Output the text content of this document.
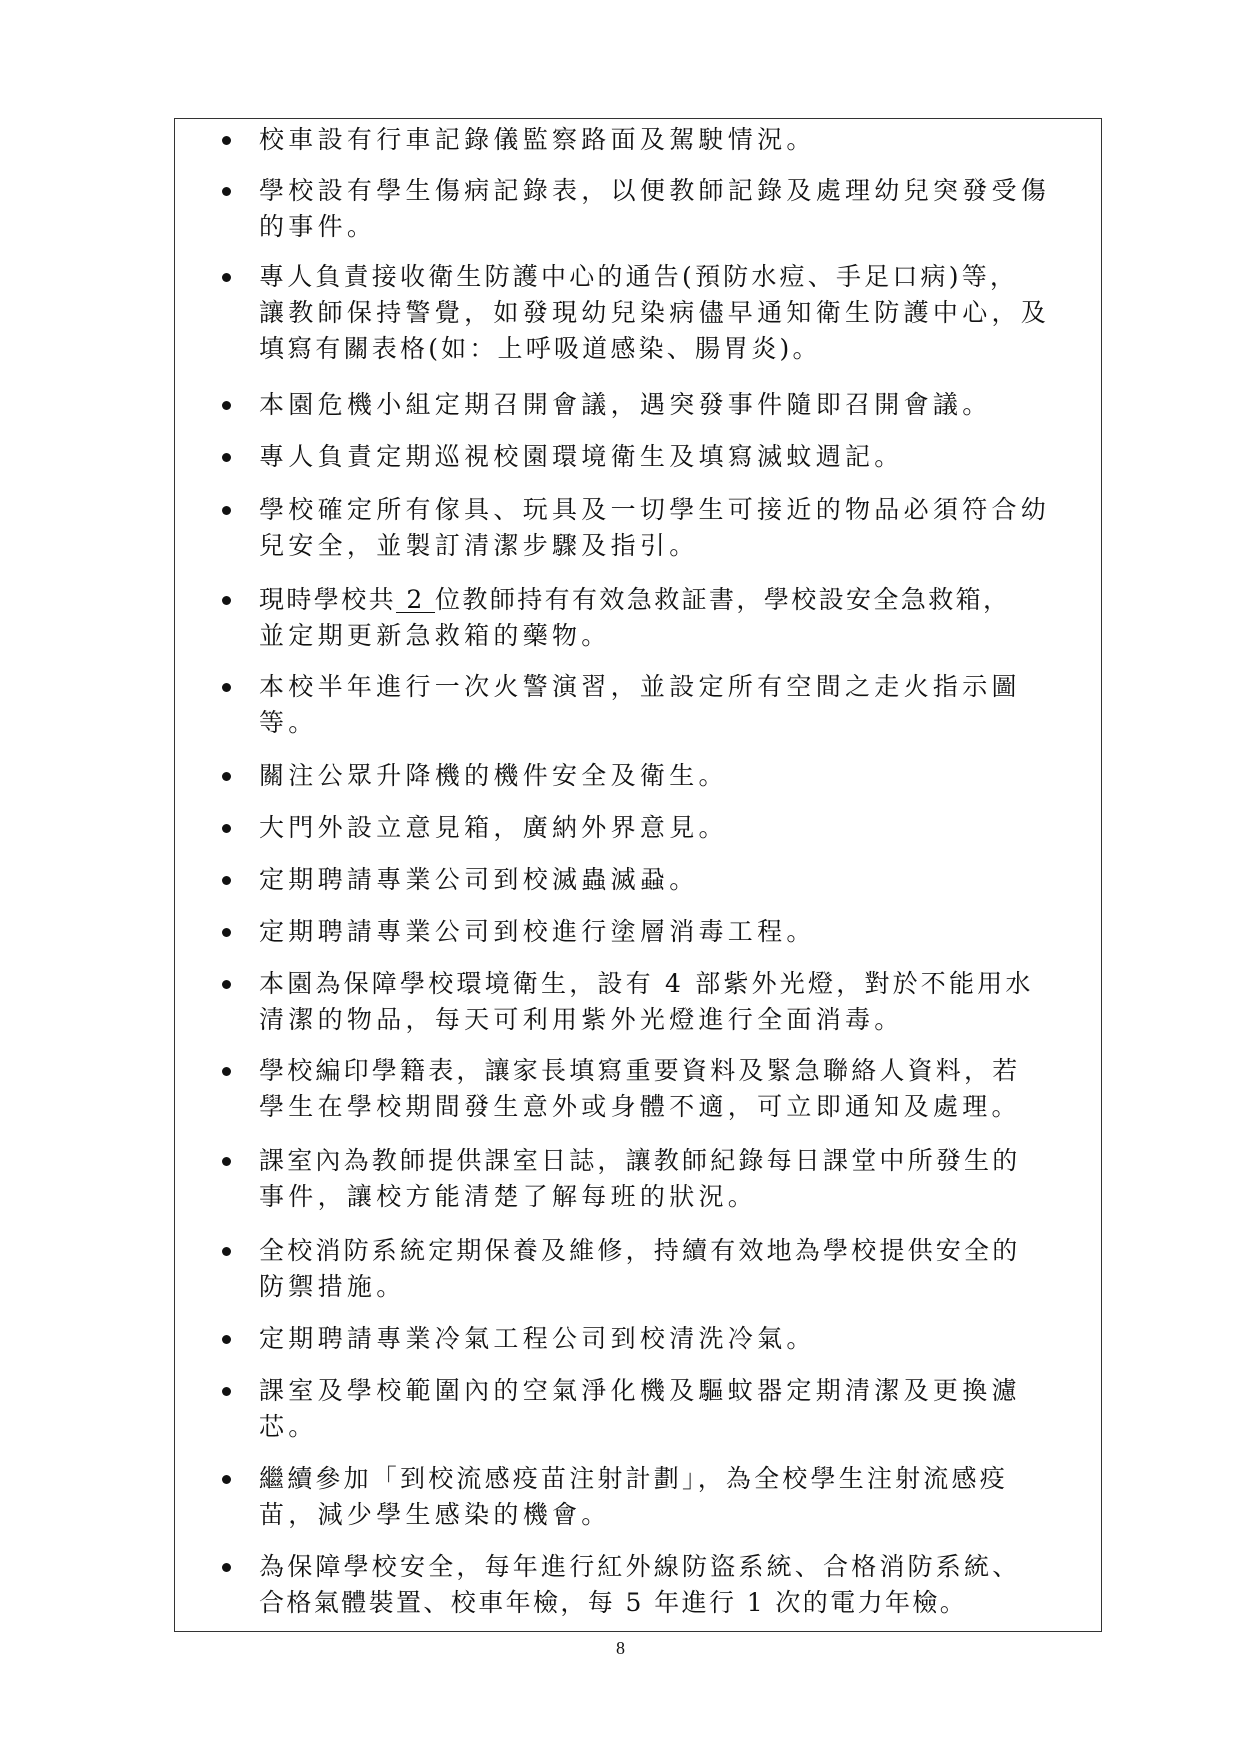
校車設有行車記錄儀監察路面及駕駛情況。
學校設有學生傷病記錄表，以便教師記錄及處理幼兒突發受傷
的事件。
專人負責接收衛生防護中心的通告(預防水痘、手足口病)等，
讓教師保持警覺，如發現幼兒染病儘早通知衛生防護中心，及
填寫有關表格(如：上呼吸道感染、腸胃炎)。
本園危機小組定期召開會議，遇突發事件隨即召開會議。
專人負責定期巡視校園環境衛生及填寫滅蚊週記。
學校確定所有傢具、玩具及一切學生可接近的物品必須符合幼
兒安全，並製訂清潔步驟及指引。
現時學校共 2 位教師持有有效急救証書，學校設安全急救箱，
並定期更新急救箱的藥物。
本校半年進行一次火警演習，並設定所有空間之走火指示圖
等。
關注公眾升降機的機件安全及衛生。
大門外設立意見箱，廣納外界意見。
定期聘請專業公司到校滅蟲滅蝨。
定期聘請專業公司到校進行塗層消毒工程。
本園為保障學校環境衛生，設有 4 部紫外光燈，對於不能用水
清潔的物品，每天可利用紫外光燈進行全面消毒。
學校編印學籍表，讓家長填寫重要資料及緊急聯絡人資料，若
學生在學校期間發生意外或身體不適，可立即通知及處理。
課室內為教師提供課室日誌，讓教師紀錄每日課堂中所發生的
事件，讓校方能清楚了解每班的狀況。
全校消防系統定期保養及維修，持續有效地為學校提供安全的
防禦措施。
定期聘請專業冷氣工程公司到校清洗冷氣。
課室及學校範圍內的空氣淨化機及驅蚊器定期清潔及更換濾
芯。
繼續參加「到校流感疫苗注射計劃」，為全校學生注射流感疫
苗，減少學生感染的機會。
為保障學校安全，每年進行紅外線防盜系統、合格消防系統、
合格氣體裝置、校車年檢，每 5 年進行 1 次的電力年檢。
8
